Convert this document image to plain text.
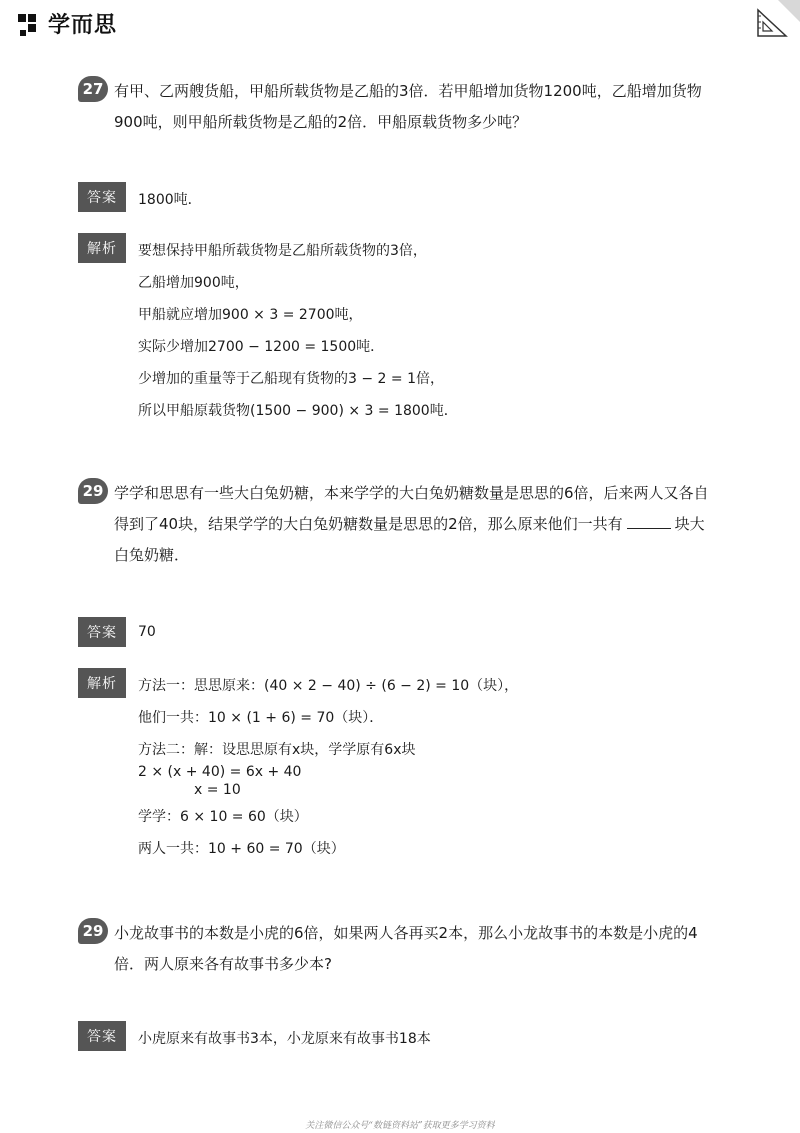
学而思
27 有甲、乙两艘货船，甲船所载货物是乙船的3倍．若甲船增加货物1200吨，乙船增加货物
900吨，则甲船所载货物是乙船的2倍．甲船原载货物多少吨？
答案	1800吨．
解析	要想保持甲船所载货物是乙船所载货物的3倍，
乙船增加900吨，
甲船就应增加900 × 3 = 2700吨，
实际少增加2700 − 1200 = 1500吨．
少增加的重量等于乙船现有货物的3 − 2 = 1倍，
所以甲船原载货物(1500 − 900) × 3 = 1800吨．
29 学学和思思有一些大白兔奶糖，本来学学的大白兔奶糖数量是思思的6倍，后来两人又各自
得到了40块，结果学学的大白兔奶糖数量是思思的2倍，那么原来他们一共有	块大
白兔奶糖．
答案	70
解析	方法一：思思原来：(40 × 2 − 40) ÷ (6 − 2) = 10（块），
他们一共：10 × (1 + 6) = 70（块）．
方法二：解：设思思原有x块，学学原有6x块
2 × (x + 40) = 6x + 40
x = 10
学学：6 × 10 = 60（块）
两人一共：10 + 60 = 70（块）
29 小龙故事书的本数是小虎的6倍，如果两人各再买2本，那么小龙故事书的本数是小虎的4
倍．两人原来各有故事书多少本?
答案	小虎原来有故事书3本，小龙原来有故事书18本
关注微信公众号“数链资料站”获取更多学习资料
